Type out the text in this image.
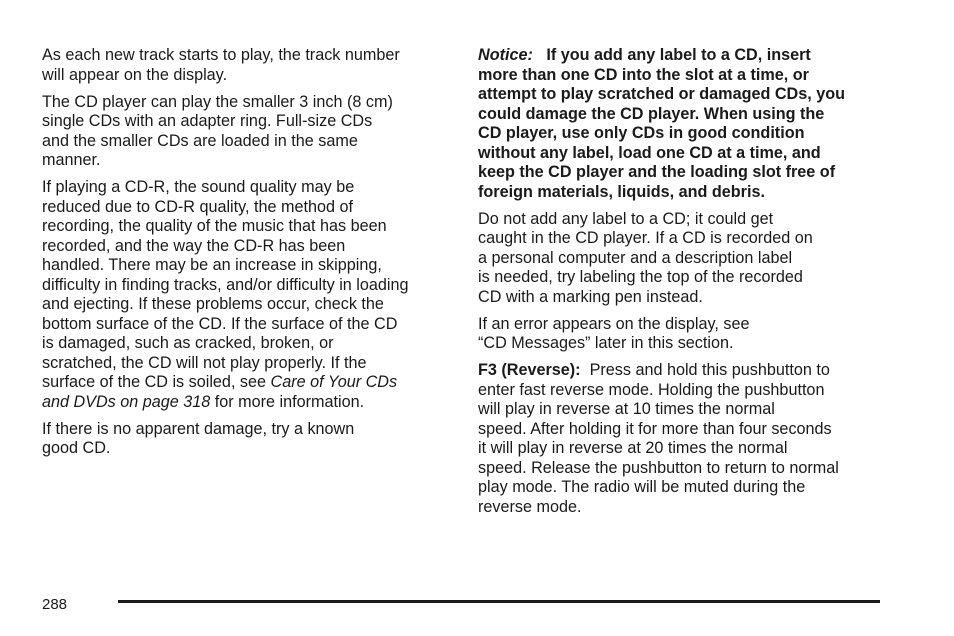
As each new track starts to play, the track number
will appear on the display.

The CD player can play the smaller 3 inch (8 cm)
single CDs with an adapter ring. Full-size CDs
and the smaller CDs are loaded in the same
manner.

If playing a CD-R, the sound quality may be
reduced due to CD-R quality, the method of
recording, the quality of the music that has been
recorded, and the way the CD-R has been
handled. There may be an increase in skipping,
difficulty in finding tracks, and/or difficulty in loading
and ejecting. If these problems occur, check the
bottom surface of the CD. If the surface of the CD
is damaged, such as cracked, broken, or
scratched, the CD will not play properly. If the
surface of the CD is soiled, see Care of Your CDs
and DVDs on page 318 for more information.

If there is no apparent damage, try a known
good CD.

Notice: If you add any label to a CD, insert
more than one CD into the slot at a time, or
attempt to play scratched or damaged CDs, you
could damage the CD player. When using the
CD player, use only CDs in good condition
without any label, load one CD at a time, and
keep the CD player and the loading slot free of
foreign materials, liquids, and debris.

Do not add any label to a CD; it could get
caught in the CD player. If a CD is recorded on
a personal computer and a description label
is needed, try labeling the top of the recorded
CD with a marking pen instead.

If an error appears on the display, see
“CD Messages” later in this section.

F3 (Reverse): Press and hold this pushbutton to
enter fast reverse mode. Holding the pushbutton
will play in reverse at 10 times the normal
speed. After holding it for more than four seconds
it will play in reverse at 20 times the normal
speed. Release the pushbutton to return to normal
play mode. The radio will be muted during the
reverse mode.

288
